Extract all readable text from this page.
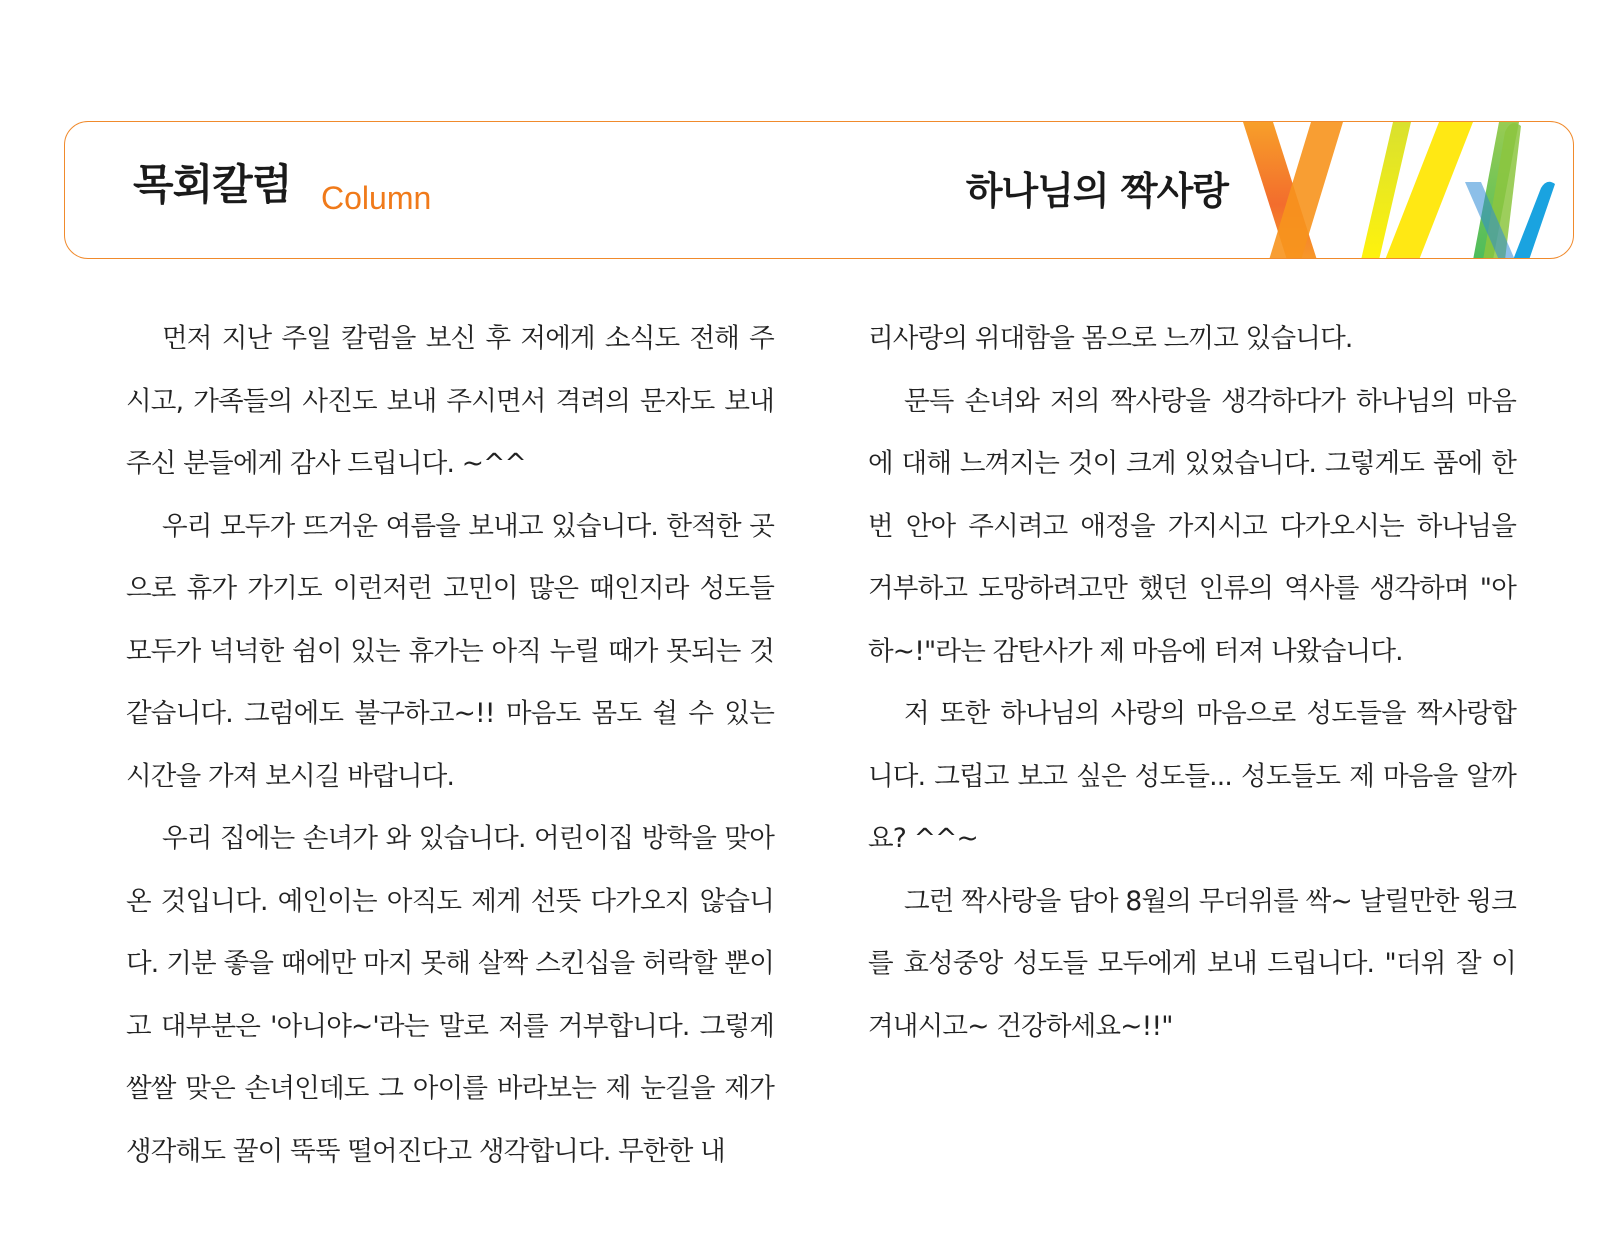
목회칼럼 Column	하나님의 짝사랑

먼저 지난 주일 칼럼을 보신 후 저에게 소식도 전해 주시고, 가족들의 사진도 보내 주시면서 격려의 문자도 보내 주신 분들에게 감사 드립니다. ~^^

우리 모두가 뜨거운 여름을 보내고 있습니다. 한적한 곳으로 휴가 가기도 이런저런 고민이 많은 때인지라 성도들 모두가 넉넉한 쉼이 있는 휴가는 아직 누릴 때가 못되는 것 같습니다. 그럼에도 불구하고~!! 마음도 몸도 쉴 수 있는 시간을 가져 보시길 바랍니다.

우리 집에는 손녀가 와 있습니다. 어린이집 방학을 맞아 온 것입니다. 예인이는 아직도 제게 선뜻 다가오지 않습니다. 기분 좋을 때에만 마지 못해 살짝 스킨십을 허락할 뿐이고 대부분은 '아니야~'라는 말로 저를 거부합니다. 그렇게 쌀쌀 맞은 손녀인데도 그 아이를 바라보는 제 눈길을 제가 생각해도 꿀이 뚝뚝 떨어진다고 생각합니다. 무한한 내

리사랑의 위대함을 몸으로 느끼고 있습니다.

문득 손녀와 저의 짝사랑을 생각하다가 하나님의 마음에 대해 느껴지는 것이 크게 있었습니다. 그렇게도 품에 한번 안아 주시려고 애정을 가지시고 다가오시는 하나님을 거부하고 도망하려고만 했던 인류의 역사를 생각하며 "아하~!"라는 감탄사가 제 마음에 터져 나왔습니다.

저 또한 하나님의 사랑의 마음으로 성도들을 짝사랑합니다. 그립고 보고 싶은 성도들... 성도들도 제 마음을 알까요? ^^~

그런 짝사랑을 담아 8월의 무더위를 싹~ 날릴만한 윙크를 효성중앙 성도들 모두에게 보내 드립니다. "더위 잘 이겨내시고~ 건강하세요~!!"
